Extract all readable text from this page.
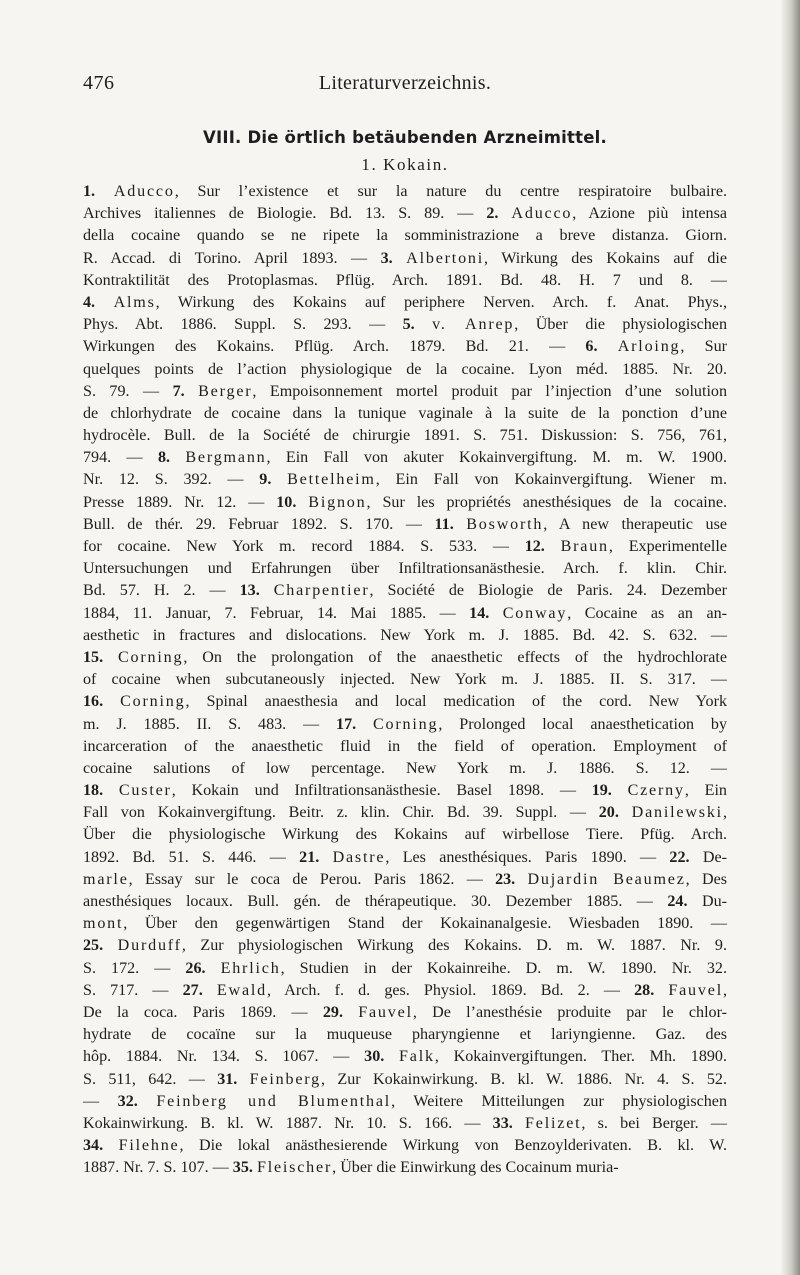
476	Literaturverzeichnis.
VIII. Die örtlich betäubenden Arzneimittel.
1. Kokain.
1. Aducco, Sur l’existence et sur la nature du centre respiratoire bulbaire.
Archives italiennes de Biologie. Bd. 13. S. 89. — 2. Aducco, Azione più intensa
della cocaine quando se ne ripete la somministrazione a breve distanza. Giorn.
R. Accad. di Torino. April 1893. — 3. Albertoni, Wirkung des Kokains auf die
Kontraktilität des Protoplasmas. Pflüg. Arch. 1891. Bd. 48. H. 7 und 8. —
4. Alms, Wirkung des Kokains auf periphere Nerven. Arch. f. Anat. Phys.,
Phys. Abt. 1886. Suppl. S. 293. — 5. v. Anrep, Über die physiologischen
Wirkungen des Kokains. Pflüg. Arch. 1879. Bd. 21. — 6. Arloing, Sur
quelques points de l’action physiologique de la cocaine. Lyon méd. 1885. Nr. 20.
S. 79. — 7. Berger, Empoisonnement mortel produit par l’injection d’une solution
de chlorhydrate de cocaine dans la tunique vaginale à la suite de la ponction d’une
hydrocèle. Bull. de la Société de chirurgie 1891. S. 751. Diskussion: S. 756, 761,
794. — 8. Bergmann, Ein Fall von akuter Kokainvergiftung. M. m. W. 1900.
Nr. 12. S. 392. — 9. Bettelheim, Ein Fall von Kokainvergiftung. Wiener m.
Presse 1889. Nr. 12. — 10. Bignon, Sur les propriétés anesthésiques de la cocaine.
Bull. de thér. 29. Februar 1892. S. 170. — 11. Bosworth, A new therapeutic use
for cocaine. New York m. record 1884. S. 533. — 12. Braun, Experimentelle
Untersuchungen und Erfahrungen über Infiltrationsanästhesie. Arch. f. klin. Chir.
Bd. 57. H. 2. — 13. Charpentier, Société de Biologie de Paris. 24. Dezember
1884, 11. Januar, 7. Februar, 14. Mai 1885. — 14. Conway, Cocaine as an an-
aesthetic in fractures and dislocations. New York m. J. 1885. Bd. 42. S. 632. —
15. Corning, On the prolongation of the anaesthetic effects of the hydrochlorate
of cocaine when subcutaneously injected. New York m. J. 1885. II. S. 317. —
16. Corning, Spinal anaesthesia and local medication of the cord. New York
m. J. 1885. II. S. 483. — 17. Corning, Prolonged local anaesthetication by
incarceration of the anaesthetic fluid in the field of operation. Employment of
cocaine salutions of low percentage. New York m. J. 1886. S. 12. —
18. Custer, Kokain und Infiltrationsanästhesie. Basel 1898. — 19. Czerny, Ein
Fall von Kokainvergiftung. Beitr. z. klin. Chir. Bd. 39. Suppl. — 20. Danilewski,
Über die physiologische Wirkung des Kokains auf wirbellose Tiere. Pfüg. Arch.
1892. Bd. 51. S. 446. — 21. Dastre, Les anesthésiques. Paris 1890. — 22. De-
marle, Essay sur le coca de Perou. Paris 1862. — 23. Dujardin Beaumez, Des
anesthésiques locaux. Bull. gén. de thérapeutique. 30. Dezember 1885. — 24. Du-
mont, Über den gegenwärtigen Stand der Kokainanalgesie. Wiesbaden 1890. —
25. Durduff, Zur physiologischen Wirkung des Kokains. D. m. W. 1887. Nr. 9.
S. 172. — 26. Ehrlich, Studien in der Kokainreihe. D. m. W. 1890. Nr. 32.
S. 717. — 27. Ewald, Arch. f. d. ges. Physiol. 1869. Bd. 2. — 28. Fauvel,
De la coca. Paris 1869. — 29. Fauvel, De l’anesthésie produite par le chlor-
hydrate de cocaïne sur la muqueuse pharyngienne et lariyngienne. Gaz. des
hôp. 1884. Nr. 134. S. 1067. — 30. Falk, Kokainvergiftungen. Ther. Mh. 1890.
S. 511, 642. — 31. Feinberg, Zur Kokainwirkung. B. kl. W. 1886. Nr. 4. S. 52.
— 32. Feinberg und Blumenthal, Weitere Mitteilungen zur physiologischen
Kokainwirkung. B. kl. W. 1887. Nr. 10. S. 166. — 33. Felizet, s. bei Berger. —
34. Filehne, Die lokal anästhesierende Wirkung von Benzoylderivaten. B. kl. W.
1887. Nr. 7. S. 107. — 35. Fleischer, Über die Einwirkung des Cocainum muria-
